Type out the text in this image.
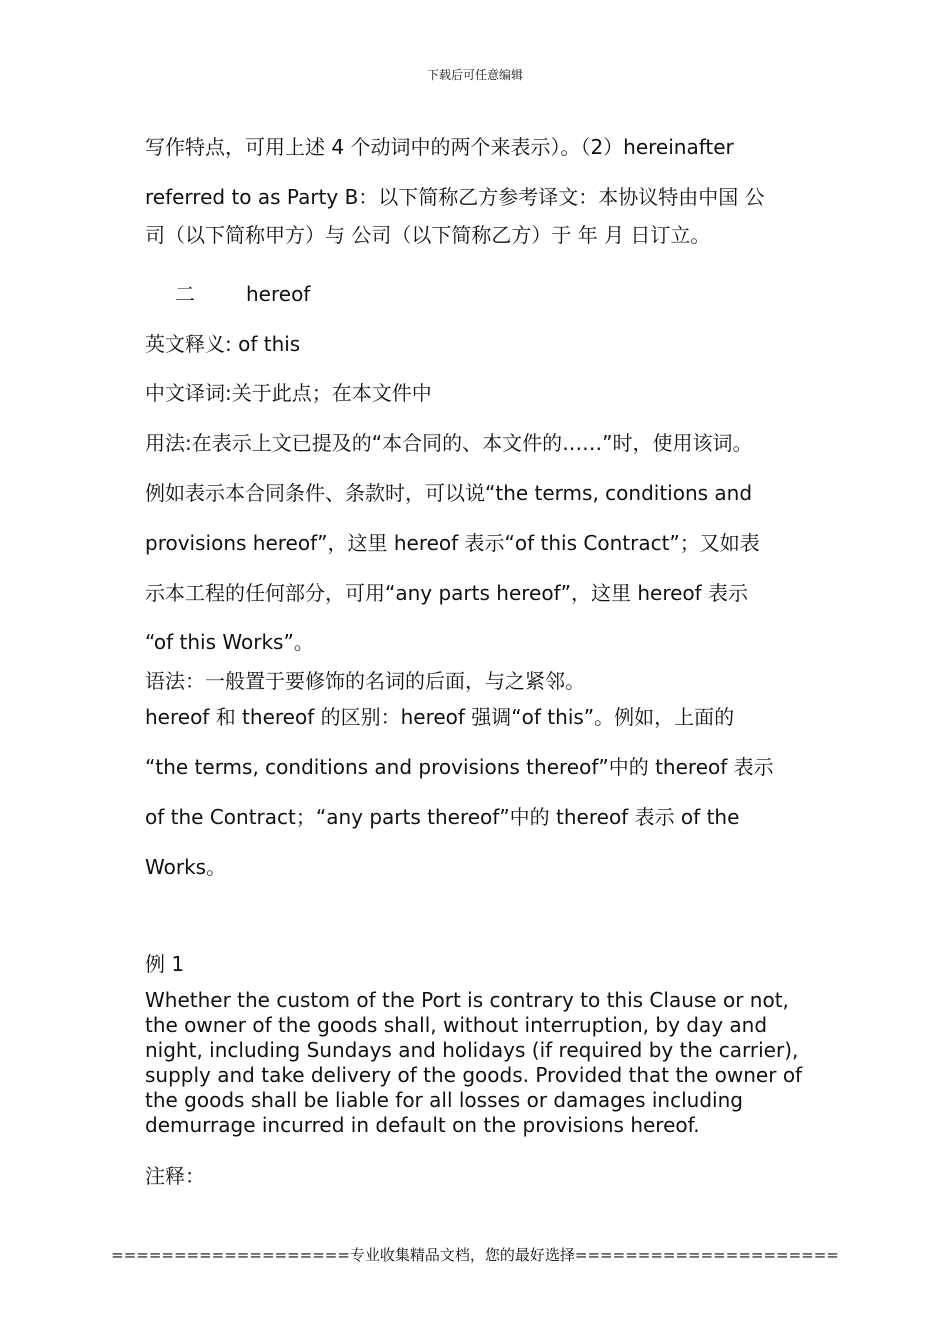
下载后可任意编辑
写作特点，可用上述 4 个动词中的两个来表示）。（2）hereinafter
referred to as Party B：以下简称乙方参考译文：本协议特由中国 公
司（以下简称甲方）与 公司（以下简称乙方）于 年 月 日订立。
二	hereof
英文释义: of this
中文译词:关于此点；在本文件中
用法:在表示上文已提及的“本合同的、本文件的……”时，使用该词。
例如表示本合同条件、条款时，可以说“the terms, conditions and
provisions hereof”，这里 hereof 表示“of this Contract”；又如表
示本工程的任何部分，可用“any parts hereof”，这里 hereof 表示
“of this Works”。
语法：一般置于要修饰的名词的后面，与之紧邻。
hereof 和 thereof 的区别：hereof 强调“of this”。例如，上面的
“the terms, conditions and provisions thereof”中的 thereof 表示
of the Contract；“any parts thereof”中的 thereof 表示 of the
Works。
例 1
Whether the custom of the Port is contrary to this Clause or not, the owner of the goods shall, without interruption, by day and night, including Sundays and holidays (if required by the carrier), supply and take delivery of the goods. Provided that the owner of the goods shall be liable for all losses or damages including demurrage incurred in default on the provisions hereof.
注释：
===================专业收集精品文档，您的最好选择=====================
